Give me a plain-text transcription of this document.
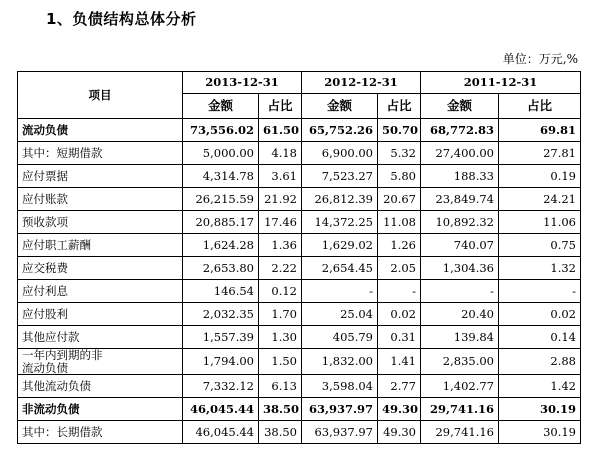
1、负债结构总体分析
单位：万元,%
项目	2013-12-31		2012-12-31		2011-12-31	
	金额	占比	金额	占比	金额	占比
流动负债	73,556.02	61.50	65,752.26	50.70	68,772.83	69.81
其中：短期借款	5,000.00	4.18	6,900.00	5.32	27,400.00	27.81
应付票据	4,314.78	3.61	7,523.27	5.80	188.33	0.19
应付账款	26,215.59	21.92	26,812.39	20.67	23,849.74	24.21
预收款项	20,885.17	17.46	14,372.25	11.08	10,892.32	11.06
应付职工薪酬	1,624.28	1.36	1,629.02	1.26	740.07	0.75
应交税费	2,653.80	2.22	2,654.45	2.05	1,304.36	1.32
应付利息	146.54	0.12	-	-	-	-
应付股利	2,032.35	1.70	25.04	0.02	20.40	0.02
其他应付款	1,557.39	1.30	405.79	0.31	139.84	0.14

一年内到期的非
流动负债	1,794.00	1.50	1,832.00	1.41	2,835.00	2.88
其他流动负债	7,332.12	6.13	3,598.04	2.77	1,402.77	1.42
非流动负债	46,045.44	38.50	63,937.97	49.30	29,741.16	30.19
其中：长期借款	46,045.44	38.50	63,937.97	49.30	29,741.16	30.19
